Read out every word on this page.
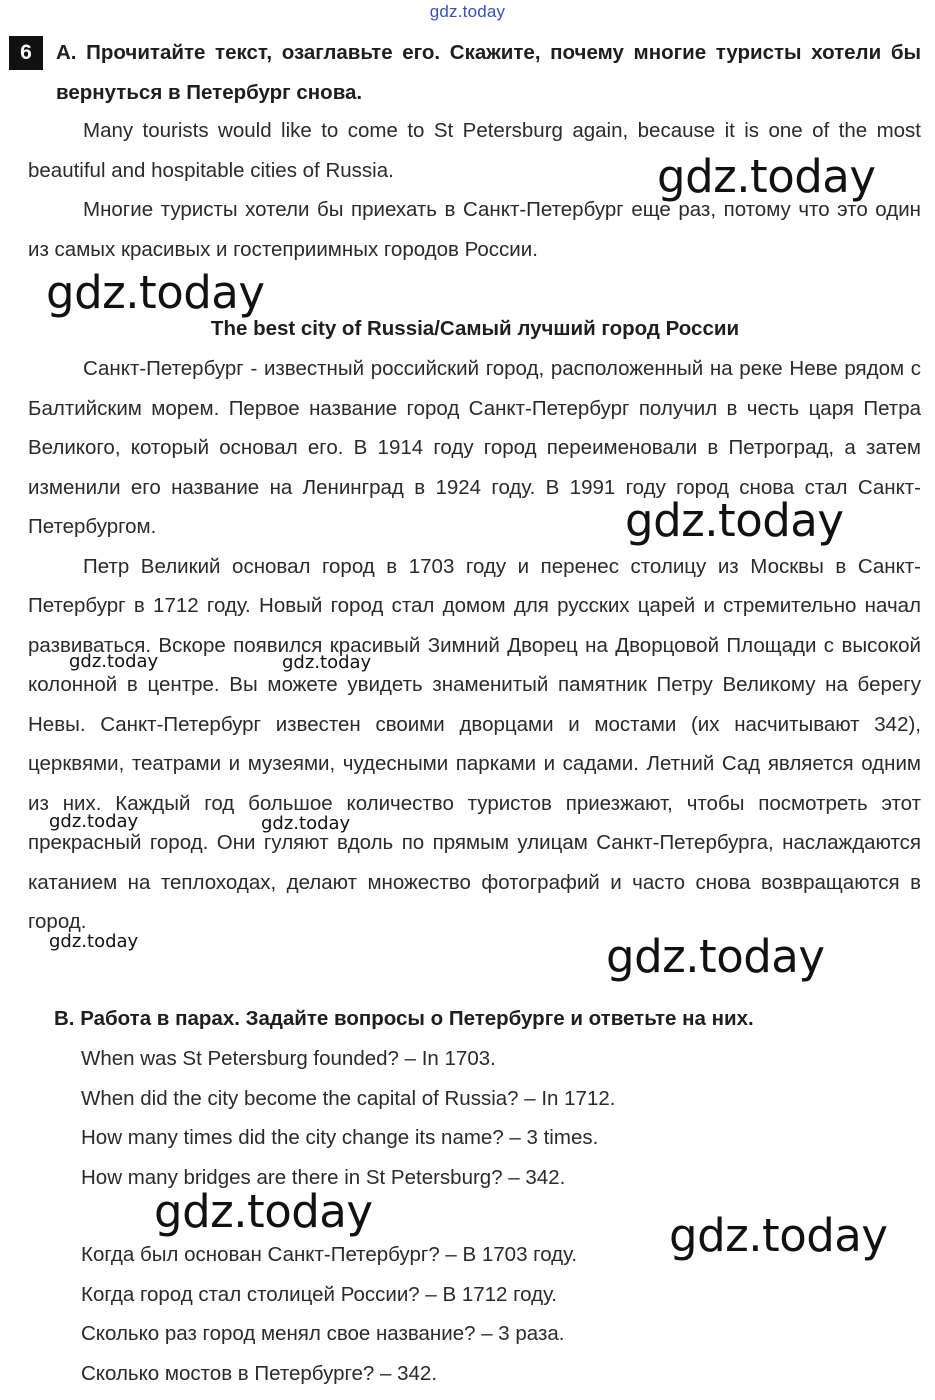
gdz.today
6	А. Прочитайте текст, озаглавьте его. Скажите, почему многие туристы хотели бы вернуться в Петербург снова.

Many tourists would like to come to St Petersburg again, because it is one of the most beautiful and hospitable cities of Russia.

Многие туристы хотели бы приехать в Санкт-Петербург еще раз, потому что это один из самых красивых и гостеприимных городов России.

The best city of Russia/Самый лучший город России

Санкт-Петербург - известный российский город, расположенный на реке Неве рядом с Балтийским морем. Первое название город Санкт-Петербург получил в честь царя Петра Великого, который основал его. В 1914 году город переименовали в Петроград, а затем изменили его название на Ленинград в 1924 году. В 1991 году город снова стал Санкт-Петербургом.

Петр Великий основал город в 1703 году и перенес столицу из Москвы в Санкт-Петербург в 1712 году. Новый город стал домом для русских царей и стремительно начал развиваться. Вскоре появился красивый Зимний Дворец на Дворцовой Площади с высокой колонной в центре. Вы можете увидеть знаменитый памятник Петру Великому на берегу Невы. Санкт-Петербург известен своими дворцами и мостами (их насчитывают 342), церквями, театрами и музеями, чудесными парками и садами. Летний Сад является одним из них. Каждый год большое количество туристов приезжают, чтобы посмотреть этот прекрасный город. Они гуляют вдоль по прямым улицам Санкт-Петербурга, наслаждаются катанием на теплоходах, делают множество фотографий и часто снова возвращаются в город.

В. Работа в парах. Задайте вопросы о Петербурге и ответьте на них.
When was St Petersburg founded? – In 1703.
When did the city become the capital of Russia? – In 1712.
How many times did the city change its name? – 3 times.
How many bridges are there in St Petersburg? – 342.
Когда был основан Санкт-Петербург? – В 1703 году.
Когда город стал столицей России? – В 1712 году.
Сколько раз город менял свое название? – 3 раза.
Сколько мостов в Петербурге? – 342.
gdz.today
gdz.today
gdz.today
gdz.today	gdz.today
gdz.today	gdz.today
gdz.today	gdz.today
gdz.today	gdz.today
